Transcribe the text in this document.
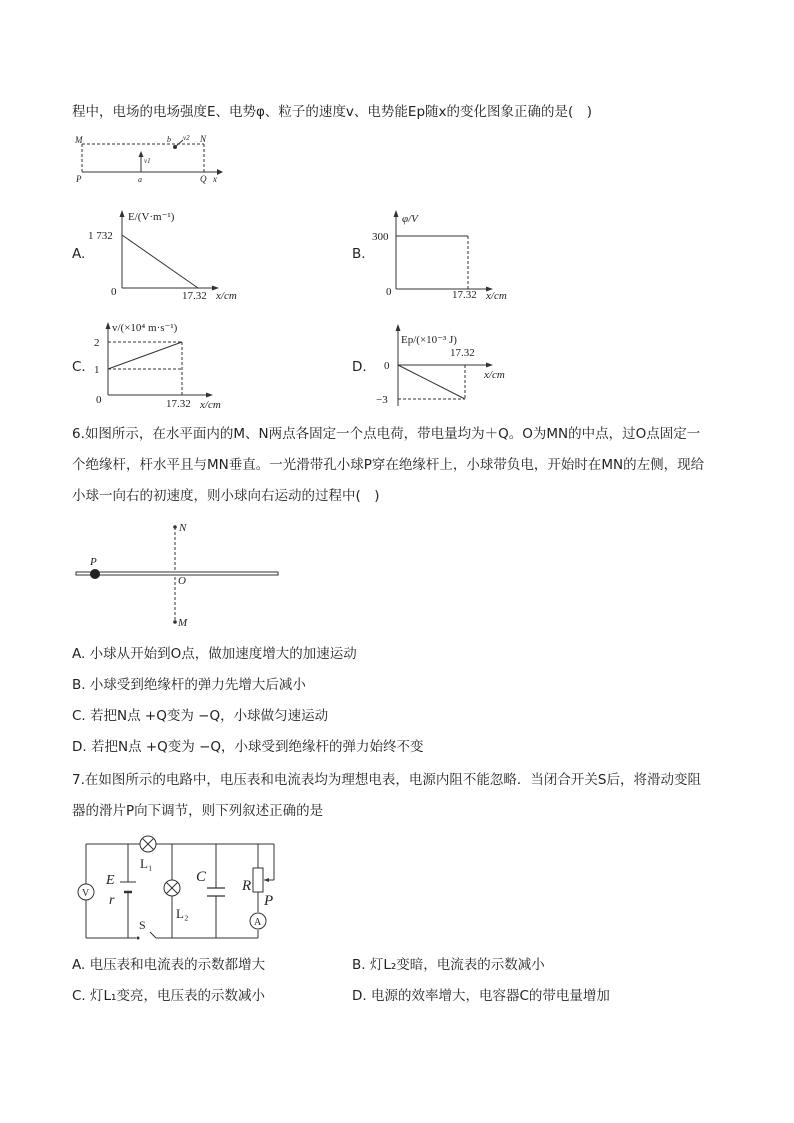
程中，电场的电场强度E、电势φ、粒子的速度v、电势能Ep随x的变化图象正确的是(　)
M	N
P	Q x
a
b
v1
v2
A.
E/(V·m⁻¹)
1 732
0	17.32 x/cm
B.
φ/V
300
0	17.32 x/cm
C.
v/(×10⁴ m·s⁻¹)
2
1
0	17.32 x/cm
D.
Ep/(×10⁻³ J)
0
−3
17.32
x/cm
6.如图所示，在水平面内的M、N两点各固定一个点电荷，带电量均为＋Q。O为MN的中点，过O点固定一
个绝缘杆，杆水平且与MN垂直。一光滑带孔小球P穿在绝缘杆上，小球带负电，开始时在MN的左侧，现给
小球一向右的初速度，则小球向右运动的过程中(　)
N
M
O
P
A. 小球从开始到O点，做加速度增大的加速运动
B. 小球受到绝缘杆的弹力先增大后减小
C. 若把N点 +Q变为 −Q，小球做匀速运动
D. 若把N点 +Q变为 −Q，小球受到绝缘杆的弹力始终不变
7.在如图所示的电路中，电压表和电流表均为理想电表，电源内阻不能忽略．当闭合开关S后，将滑动变阻
器的滑片P向下调节，则下列叙述正确的是
V
A
E
r
L₁
L₂
C
R
P
S
A. 电压表和电流表的示数都增大	B. 灯L₂变暗，电流表的示数减小
C. 灯L₁变亮，电压表的示数减小	D. 电源的效率增大，电容器C的带电量增加
